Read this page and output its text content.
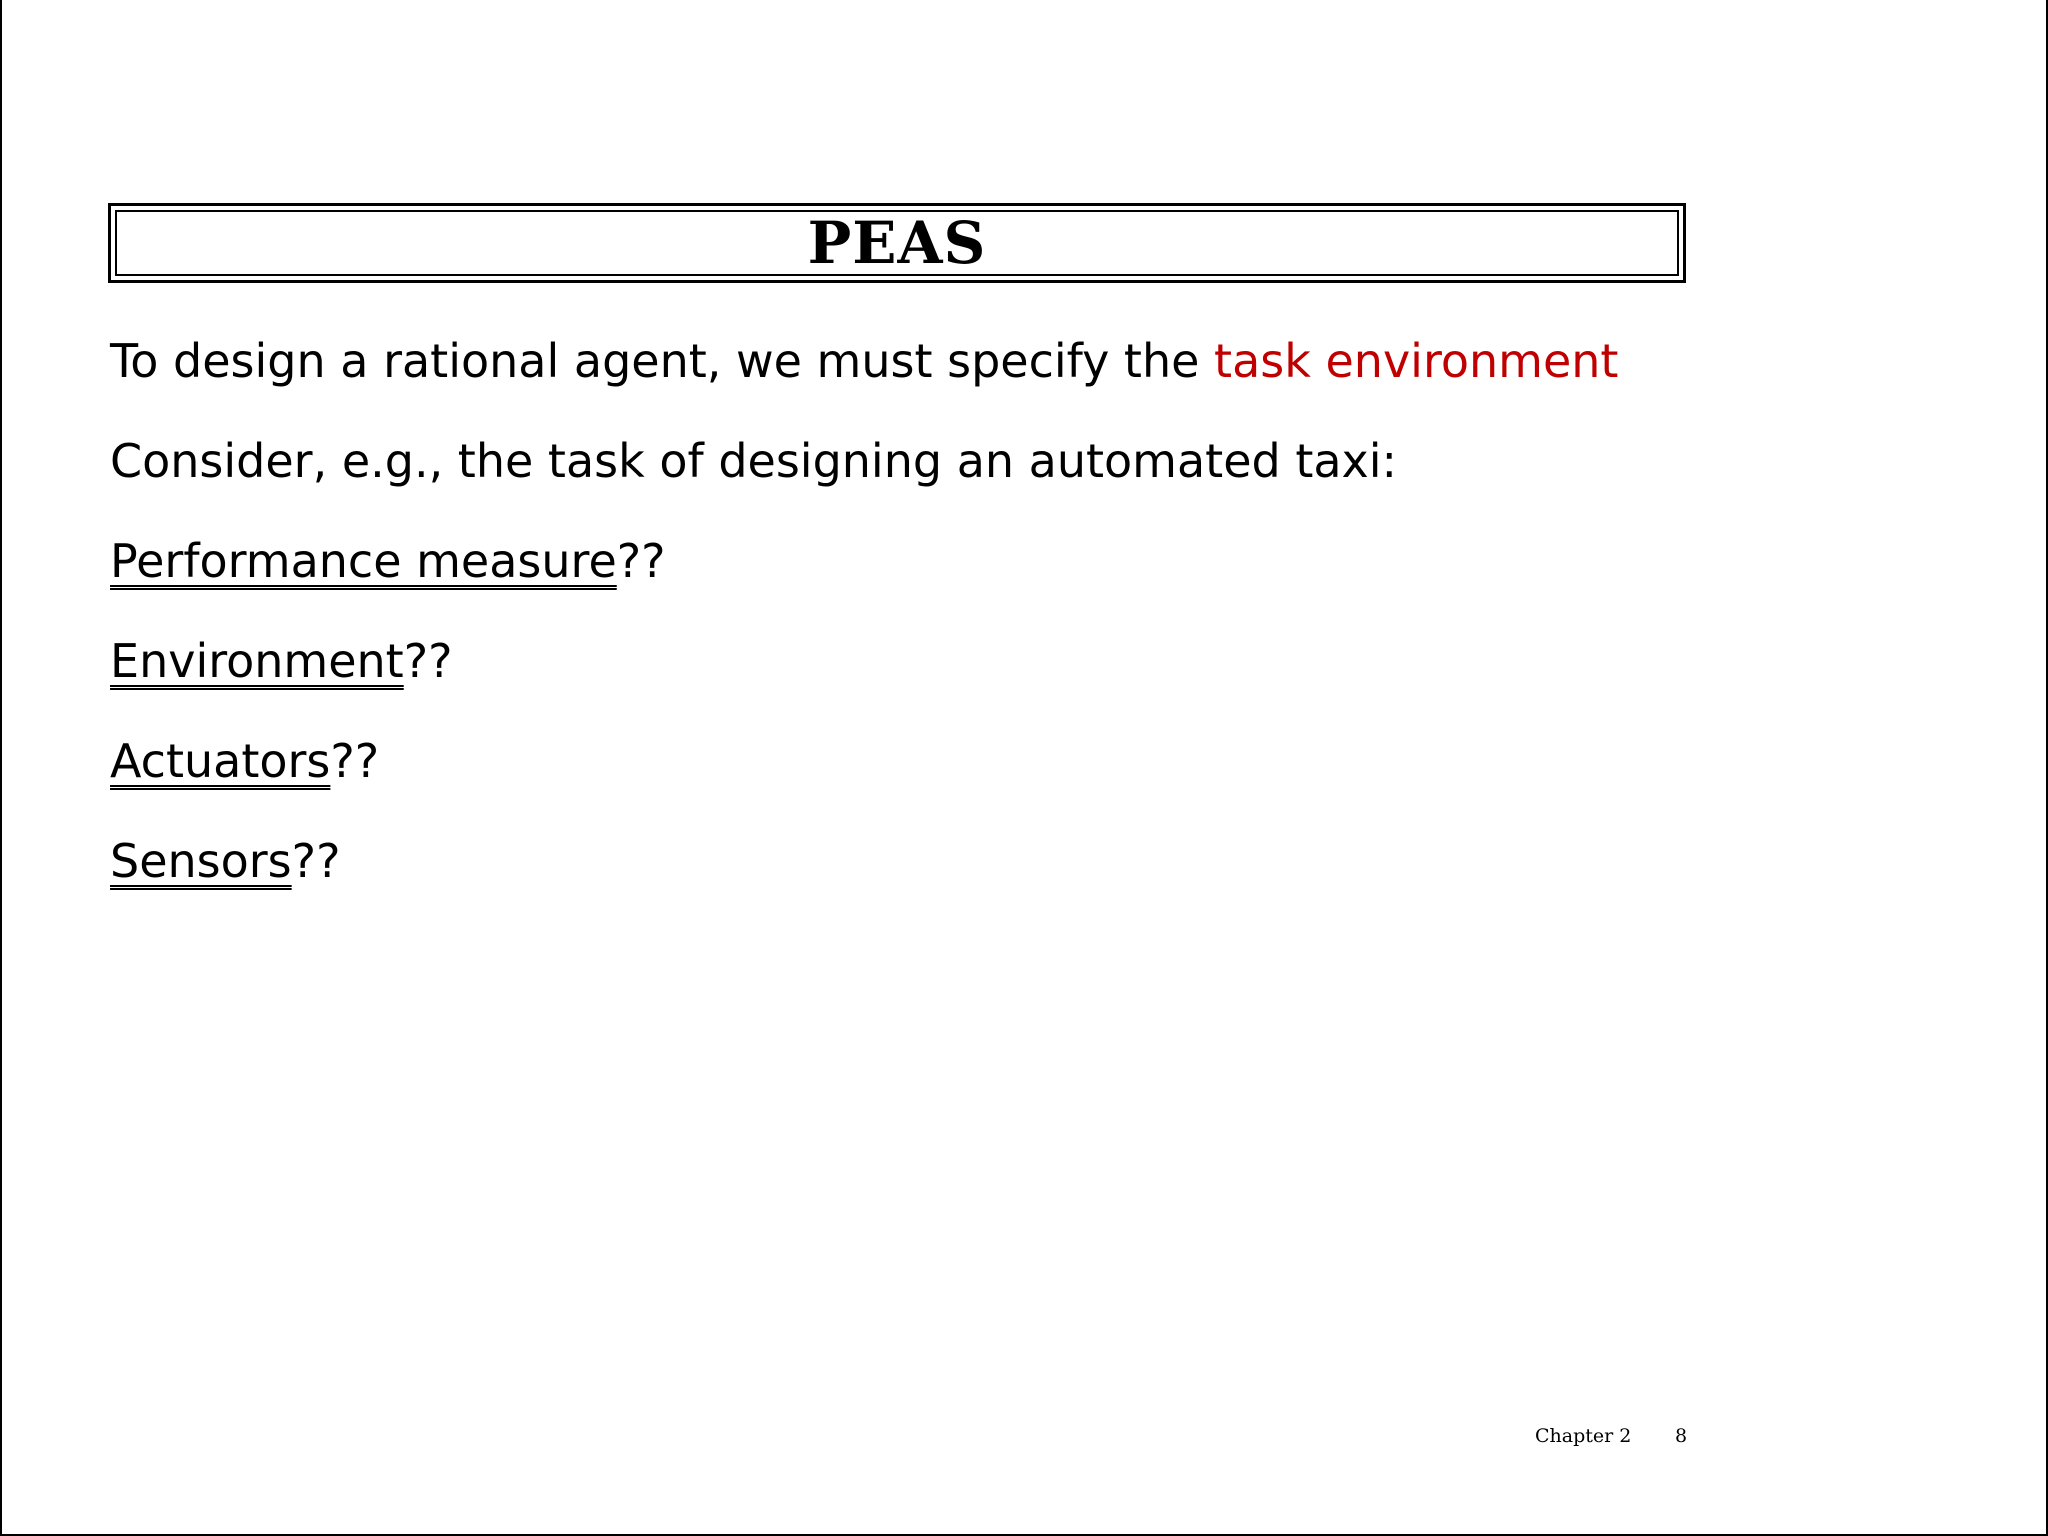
PEAS
To design a rational agent, we must specify the task environment
Consider, e.g., the task of designing an automated taxi:
Performance measure??
Environment??
Actuators??
Sensors??
Chapter 2 8
